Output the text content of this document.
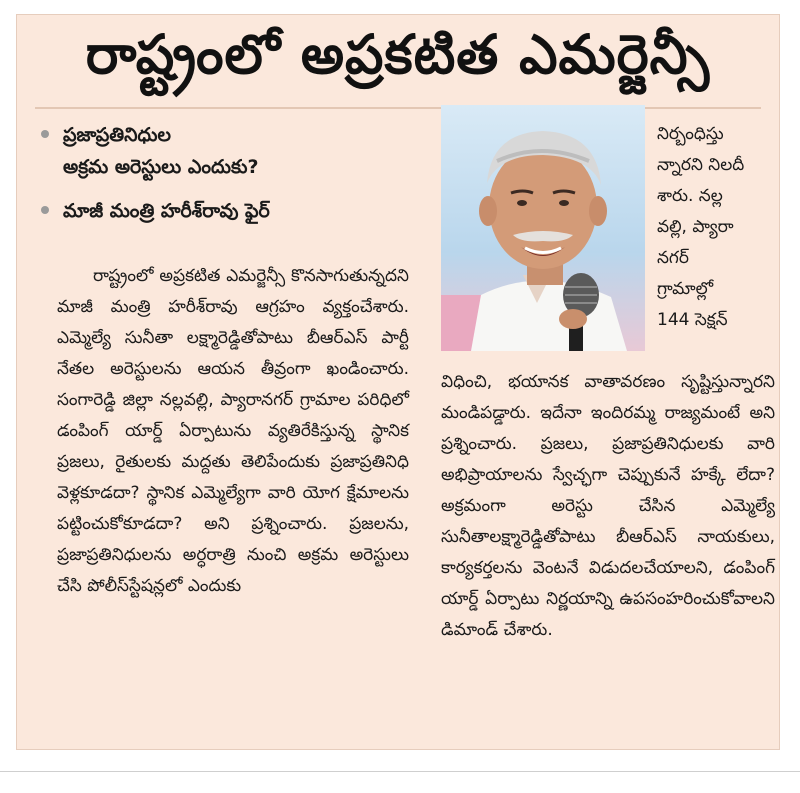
రాష్ట్రంలో అప్రకటిత ఎమర్జెన్సీ
ప్రజాప్రతినిధుల
అక్రమ అరెస్టులు ఎందుకు?
మాజీ మంత్రి హరీశ్‌రావు ఫైర్

రాష్ట్రంలో అప్రకటిత ఎమర్జెన్సీ కొనసాగుతున్నదని మాజీ మంత్రి హరీశ్‌రావు ఆగ్రహం వ్యక్తంచేశారు. ఎమ్మెల్యే సునీతా లక్ష్మారెడ్డితోపాటు బీఆర్‌ఎస్ పార్టీ నేతల అరెస్టులను ఆయన తీవ్రంగా ఖండించారు. సంగారెడ్డి జిల్లా నల్లవల్లి, ప్యారానగర్ గ్రామాల పరిధిలో డంపింగ్ యార్డ్ ఏర్పాటును వ్యతిరేకిస్తున్న స్థానిక ప్రజలు, రైతులకు మద్దతు తెలిపేందుకు ప్రజాప్రతినిధి వెళ్లకూడదా? స్థానిక ఎమ్మెల్యేగా వారి యోగ క్షేమాలను పట్టించుకోకూడదా? అని ప్రశ్నించారు. ప్రజలను, ప్రజాప్రతినిధులను అర్ధరాత్రి నుంచి అక్రమ అరెస్టులు చేసి పోలీస్‌స్టేషన్లలో ఎందుకు

నిర్బంధిస్తు
న్నారని నిలదీ
శారు. నల్ల
వల్లి, ప్యారా
నగర్
గ్రామాల్లో
144 సెక్షన్

విధించి, భయానక వాతావరణం సృష్టిస్తున్నారని మండిపడ్డారు. ఇదేనా ఇందిరమ్మ రాజ్యమంటే అని ప్రశ్నించారు. ప్రజలు, ప్రజాప్రతినిధులకు వారి అభిప్రాయాలను స్వేచ్ఛగా చెప్పుకునే హక్కే లేదా? అక్రమంగా అరెస్టు చేసిన ఎమ్మెల్యే సునీతాలక్ష్మారెడ్డితోపాటు బీఆర్‌ఎస్ నాయకులు, కార్యకర్తలను వెంటనే విడుదలచేయాలని, డంపింగ్ యార్డ్ ఏర్పాటు నిర్ణయాన్ని ఉపసంహరించుకోవాలని డిమాండ్ చేశారు.
